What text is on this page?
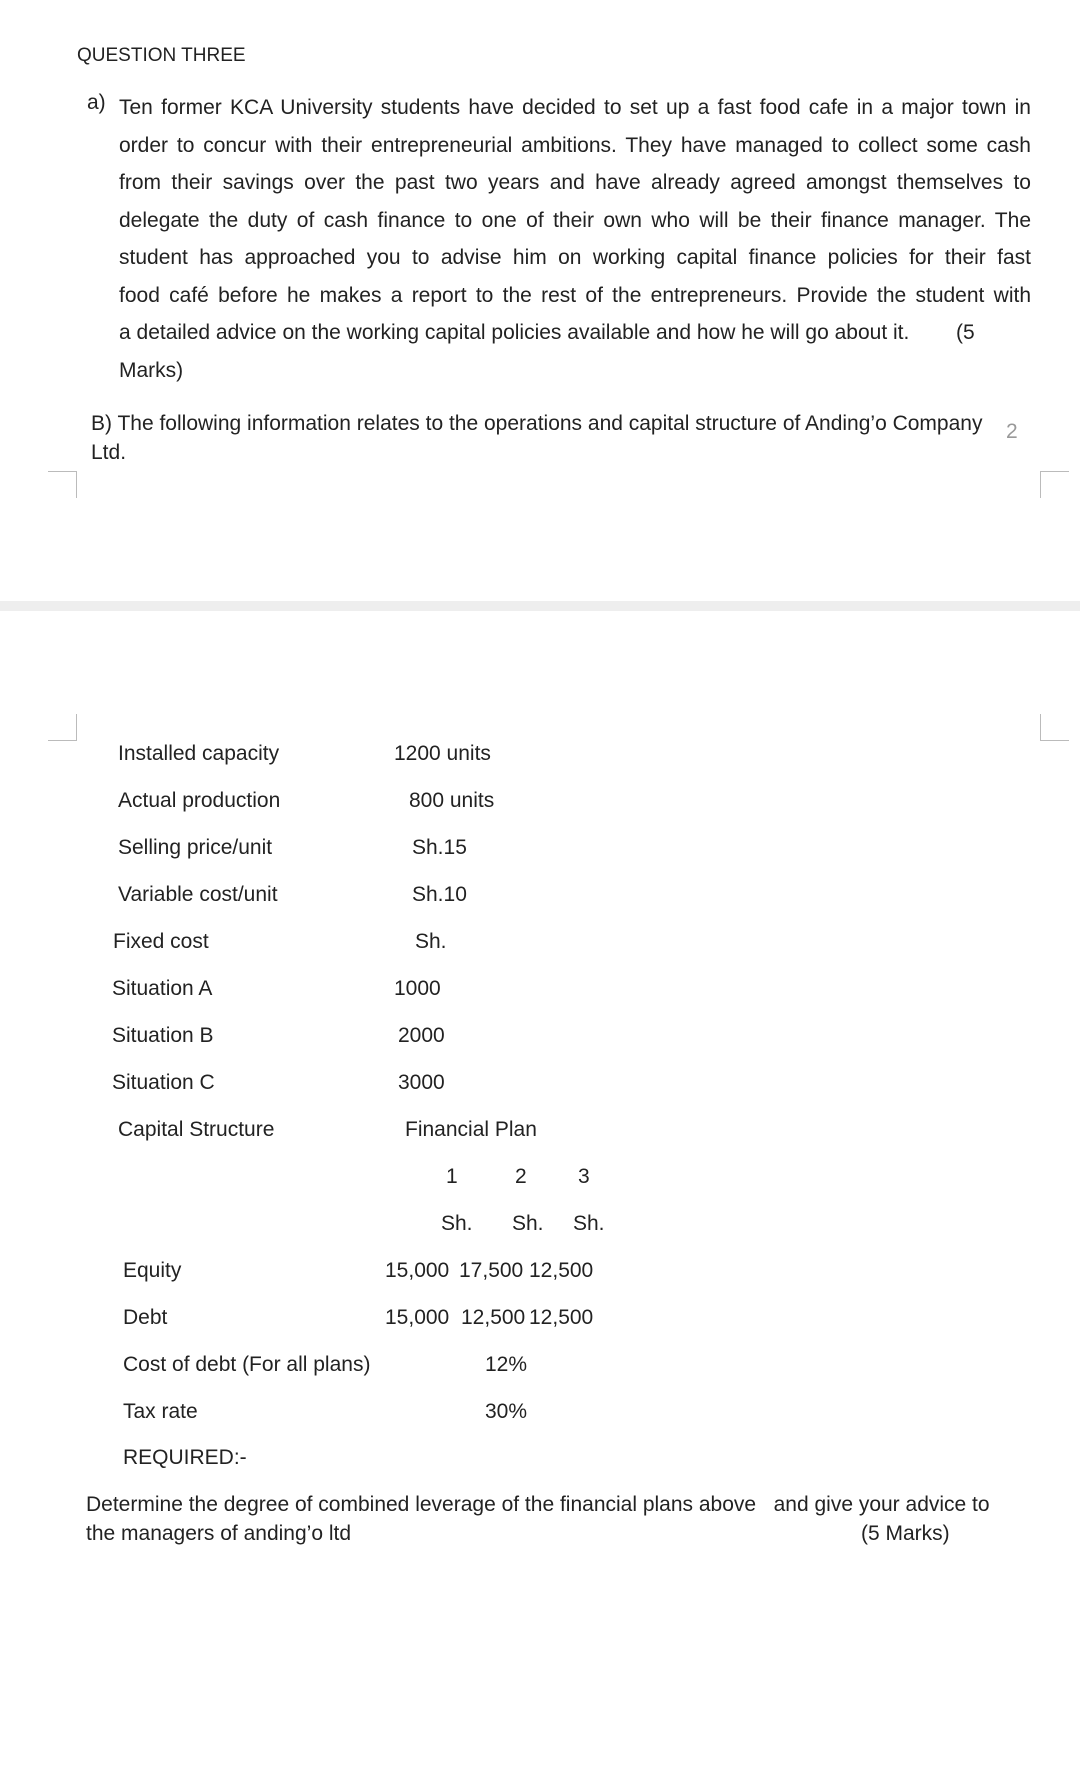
QUESTION THREE
a) Ten former KCA University students have decided to set up a fast food cafe in a major town in
order to concur with their entrepreneurial ambitions. They have managed to collect some cash
from their savings over the past two years and have already agreed amongst themselves to
delegate the duty of cash finance to one of their own who will be their finance manager. The
student has approached you to advise him on working capital finance policies for their fast
food café before he makes a report to the rest of the entrepreneurs. Provide the student with
a detailed advice on the working capital policies available and how he will go about it.        (5
Marks)
B) The following information relates to the operations and capital structure of Anding’o Company Ltd.
2
Installed capacity	1200 units
Actual production	800 units
Selling price/unit	Sh.15
Variable cost/unit	Sh.10
Fixed cost	Sh.
Situation A	1000
Situation B	2000
Situation C	3000
Capital Structure	Financial Plan
1	2 3
Sh. Sh. Sh.
Equity	15,000 17,500 12,500
Debt	15,000 12,500 12,500
Cost of debt (For all plans)	12%
Tax rate	30%
REQUIRED:-
Determine the degree of combined leverage of the financial plans above   and give your advice to
the managers of anding’o ltd	(5 Marks)
